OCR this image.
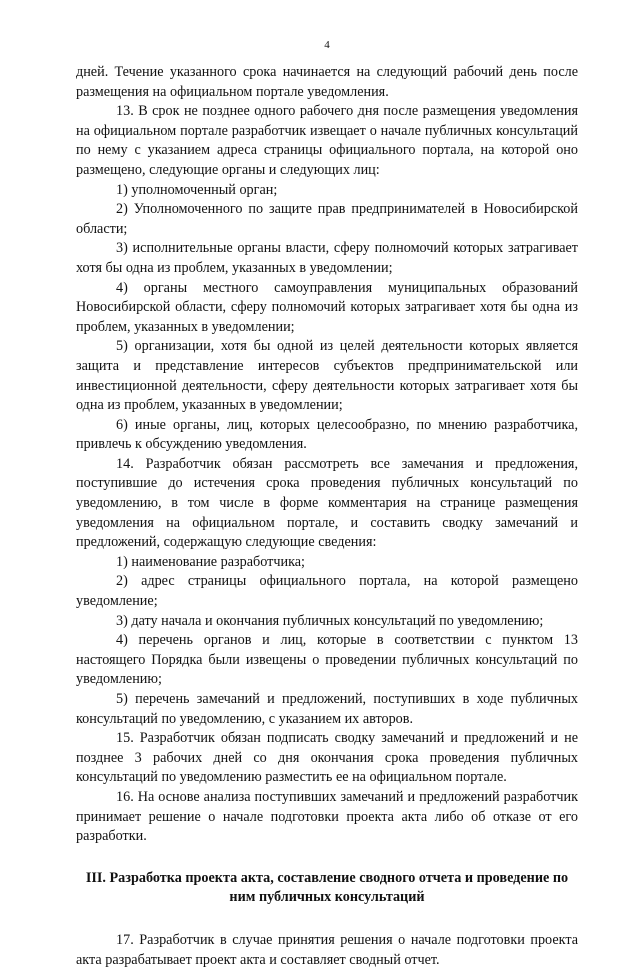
4

дней. Течение указанного срока начинается на следующий рабочий день после размещения на официальном портале уведомления.

13. В срок не позднее одного рабочего дня после размещения уведомления на официальном портале разработчик извещает о начале публичных консультаций по нему с указанием адреса страницы официального портала, на которой оно размещено, следующие органы и следующих лиц:

1) уполномоченный орган;

2) Уполномоченного по защите прав предпринимателей в Новосибирской области;

3) исполнительные органы власти, сферу полномочий которых затрагивает хотя бы одна из проблем, указанных в уведомлении;

4) органы местного самоуправления муниципальных образований Новосибирской области, сферу полномочий которых затрагивает хотя бы одна из проблем, указанных в уведомлении;

5) организации, хотя бы одной из целей деятельности которых является защита и представление интересов субъектов предпринимательской или инвестиционной деятельности, сферу деятельности которых затрагивает хотя бы одна из проблем, указанных в уведомлении;

6) иные органы, лиц, которых целесообразно, по мнению разработчика, привлечь к обсуждению уведомления.

14. Разработчик обязан рассмотреть все замечания и предложения, поступившие до истечения срока проведения публичных консультаций по уведомлению, в том числе в форме комментария на странице размещения уведомления на официальном портале, и составить сводку замечаний и предложений, содержащую следующие сведения:

1) наименование разработчика;

2) адрес страницы официального портала, на которой размещено уведомление;

3) дату начала и окончания публичных консультаций по уведомлению;

4) перечень органов и лиц, которые в соответствии с пунктом 13 настоящего Порядка были извещены о проведении публичных консультаций по уведомлению;

5) перечень замечаний и предложений, поступивших в ходе публичных консультаций по уведомлению, с указанием их авторов.

15. Разработчик обязан подписать сводку замечаний и предложений и не позднее 3 рабочих дней со дня окончания срока проведения публичных консультаций по уведомлению разместить ее на официальном портале.

16. На основе анализа поступивших замечаний и предложений разработчик принимает решение о начале подготовки проекта акта либо об отказе от его разработки.

III. Разработка проекта акта, составление сводного отчета и проведение по ним публичных консультаций

17. Разработчик в случае принятия решения о начале подготовки проекта акта разрабатывает проект акта и составляет сводный отчет.
